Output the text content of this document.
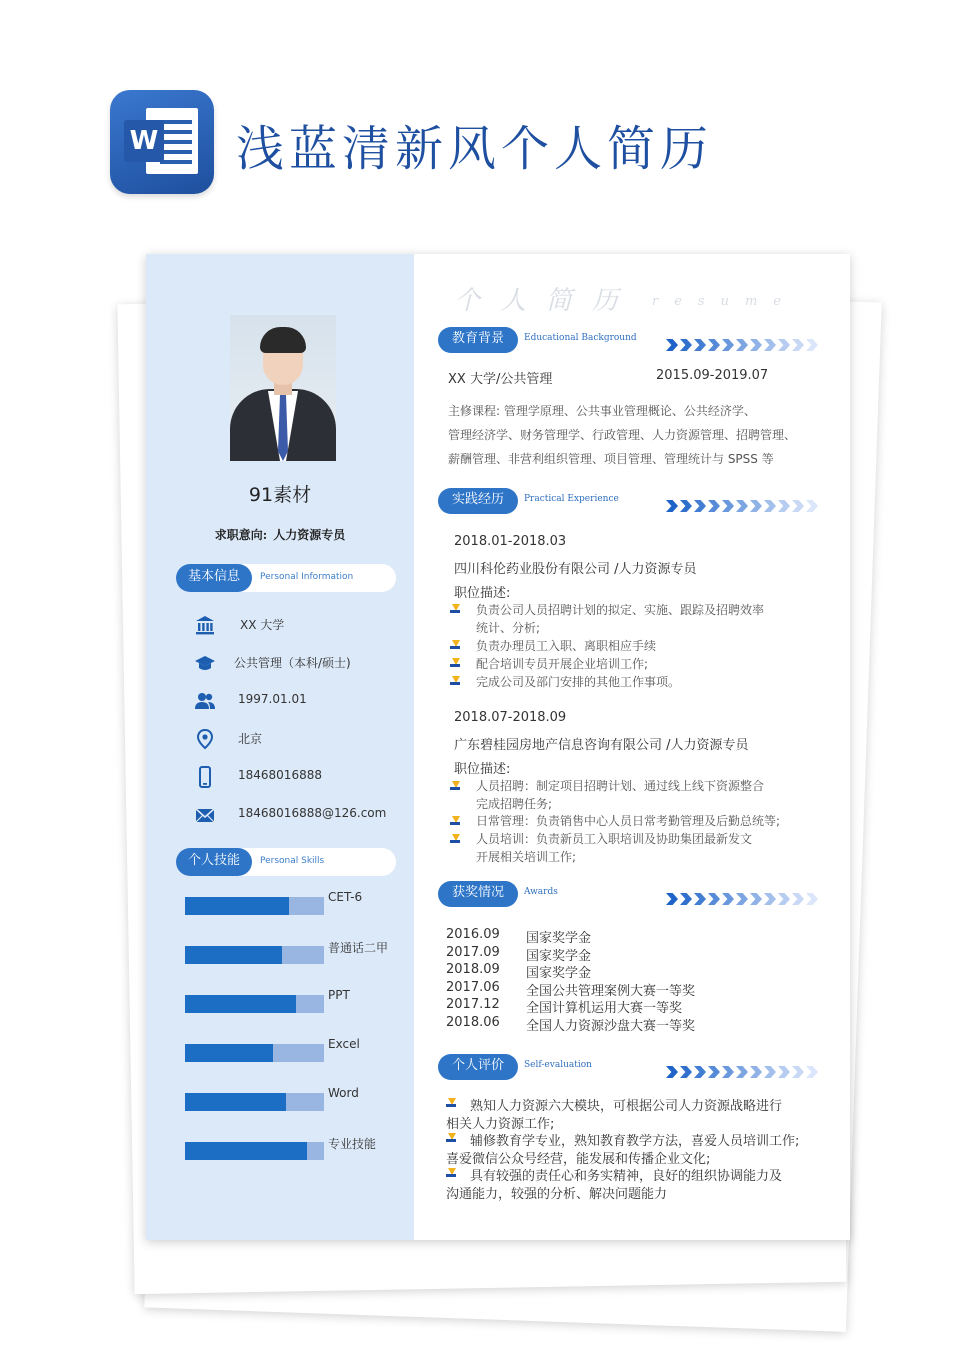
W 浅蓝清新风个人简历
91素材
求职意向: 人力资源专员
基本信息	Personal Information
XX 大学
公共管理（本科/硕士)
1997.01.01
北京
18468016888
18468016888@126.com
个人技能	Personal Skills
CET-6
普通话二甲
PPT
Excel
Word
专业技能
个人简历 resume
教育背景	Educational Background
XX 大学/公共管理	2015.09-2019.07
主修课程: 管理学原理、公共事业管理概论、公共经济学、
管理经济学、财务管理学、行政管理、人力资源管理、招聘管理、
薪酬管理、非营利组织管理、项目管理、管理统计与 SPSS 等
实践经历	Practical Experience
2018.01-2018.03
四川科伦药业股份有限公司 /人力资源专员
职位描述:
负责公司人员招聘计划的拟定、实施、跟踪及招聘效率
统计、分析;
负责办理员工入职、离职相应手续
配合培训专员开展企业培训工作;
完成公司及部门安排的其他工作事项。
2018.07-2018.09
广东碧桂园房地产信息咨询有限公司 /人力资源专员
职位描述:
人员招聘：制定项目招聘计划、通过线上线下资源整合
完成招聘任务;
日常管理：负责销售中心人员日常考勤管理及后勤总统等;
人员培训：负责新员工入职培训及协助集团最新发文
开展相关培训工作;
获奖情况	Awards
2016.09 国家奖学金
2017.09 国家奖学金
2018.09 国家奖学金
2017.06 全国公共管理案例大赛一等奖
2017.12 全国计算机运用大赛一等奖
2018.06 全国人力资源沙盘大赛一等奖
个人评价	Self-evaluation
熟知人力资源六大模块，可根据公司人力资源战略进行
相关人力资源工作;
辅修教育学专业，熟知教育教学方法，喜爱人员培训工作;
喜爱微信公众号经营，能发展和传播企业文化;
具有较强的责任心和务实精神，良好的组织协调能力及
沟通能力，较强的分析、解决问题能力
